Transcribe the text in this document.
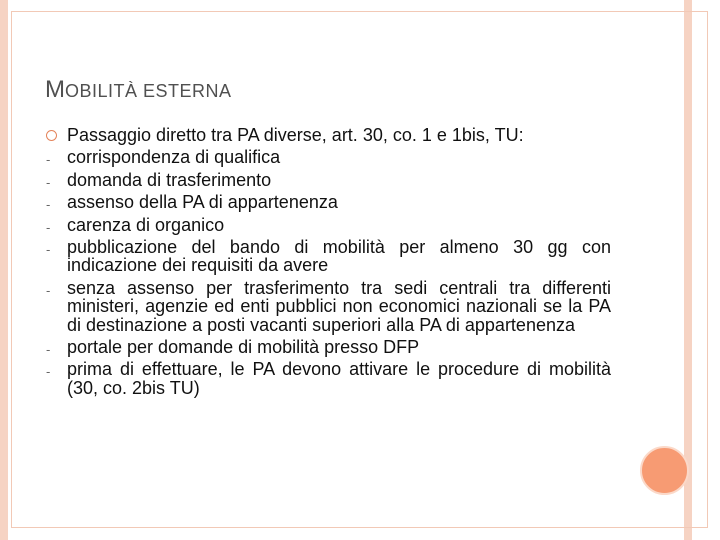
MOBILITÀ ESTERNA
Passaggio diretto tra PA diverse, art. 30, co. 1 e 1bis, TU:
- corrispondenza di qualifica
- domanda di trasferimento
- assenso della PA di appartenenza
- carenza di organico
- pubblicazione del bando di mobilità per almeno 30 gg con indicazione dei requisiti da avere
- senza assenso per trasferimento tra sedi centrali tra differenti ministeri, agenzie ed enti pubblici non economici nazionali se la PA di destinazione a posti vacanti superiori alla PA di appartenenza
- portale per domande di mobilità presso DFP
- prima di effettuare, le PA devono attivare le procedure di mobilità (30, co. 2bis TU)
